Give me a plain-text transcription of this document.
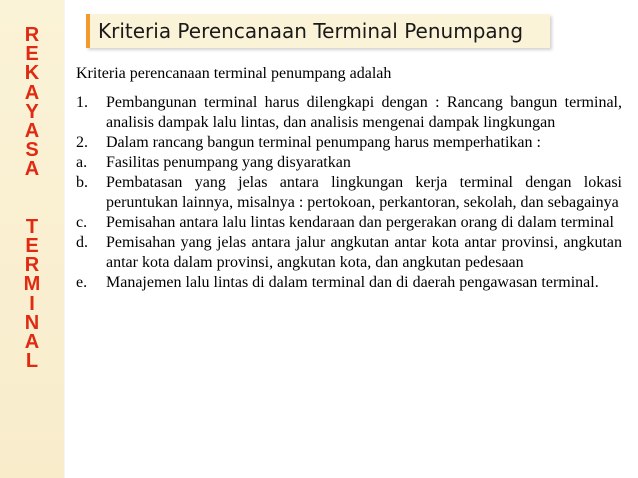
R
E
K
A
Y
A
S
A
T
E
R
M
I
N
A
L
Kriteria Perencanaan Terminal Penumpang

Kriteria perencanaan terminal penumpang adalah

1. Pembangunan terminal harus dilengkapi dengan : Rancang bangun terminal, analisis dampak lalu lintas, dan analisis mengenai dampak lingkungan
2. Dalam rancang bangun terminal penumpang harus memperhatikan :
a. Fasilitas penumpang yang disyaratkan
b. Pembatasan yang jelas antara lingkungan kerja terminal dengan lokasi peruntukan lainnya, misalnya : pertokoan, perkantoran, sekolah, dan sebagainya
c. Pemisahan antara lalu lintas kendaraan dan pergerakan orang di dalam terminal
d. Pemisahan yang jelas antara jalur angkutan antar kota antar provinsi, angkutan antar kota dalam provinsi, angkutan kota, dan angkutan pedesaan
e. Manajemen lalu lintas di dalam terminal dan di daerah pengawasan terminal.
